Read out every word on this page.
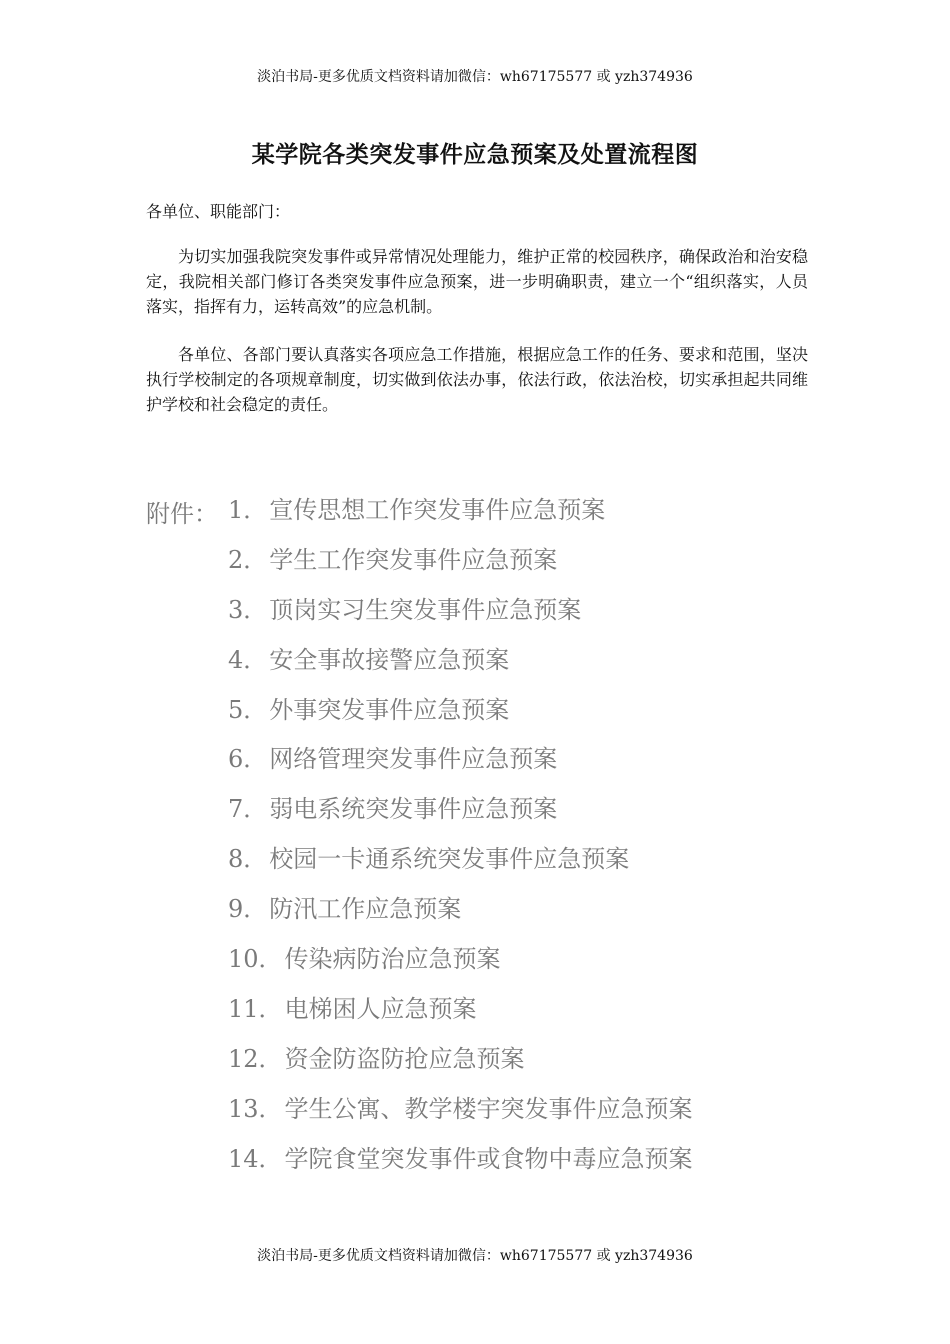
淡泊书局-更多优质文档资料请加微信：wh67175577 或 yzh374936
某学院各类突发事件应急预案及处置流程图
各单位、职能部门：

为切实加强我院突发事件或异常情况处理能力，维护正常的校园秩序，确保政治和治安稳定，我院相关部门修订各类突发事件应急预案，进一步明确职责，建立一个“组织落实，人员落实，指挥有力，运转高效”的应急机制。

各单位、各部门要认真落实各项应急工作措施，根据应急工作的任务、要求和范围，坚决执行学校制定的各项规章制度，切实做到依法办事，依法行政，依法治校，切实承担起共同维护学校和社会稳定的责任。

附件： 1．宣传思想工作突发事件应急预案
2．学生工作突发事件应急预案
3．顶岗实习生突发事件应急预案
4．安全事故接警应急预案
5．外事突发事件应急预案
6．网络管理突发事件应急预案
7．弱电系统突发事件应急预案
8．校园一卡通系统突发事件应急预案
9．防汛工作应急预案
10．传染病防治应急预案
11．电梯困人应急预案
12．资金防盗防抢应急预案
13．学生公寓、教学楼宇突发事件应急预案
14．学院食堂突发事件或食物中毒应急预案
淡泊书局-更多优质文档资料请加微信：wh67175577 或 yzh374936
